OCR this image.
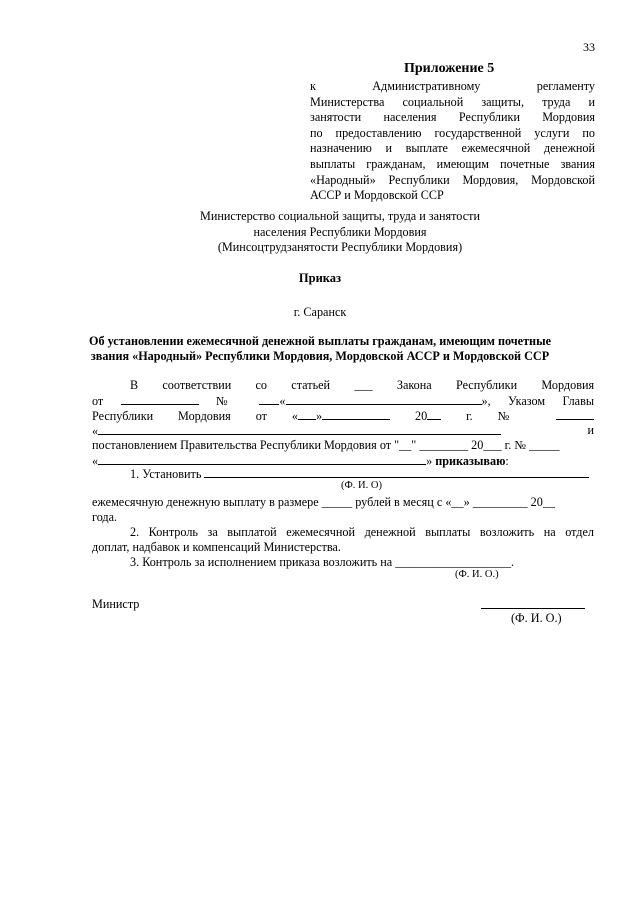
33
Приложение 5
к	Административному	регламенту
Министерства социальной защиты, труда и
занятости населения Республики Мордовия
по предоставлению государственной услуги по
назначению и выплате ежемесячной денежной
выплаты гражданам, имеющим почетные звания
«Народный» Республики Мордовия, Мордовской
АССР и Мордовской ССР
Министерство социальной защиты, труда и занятости
населения Республики Мордовия
(Минсоцтрудзанятости Республики Мордовия)
Приказ
г. Саранск
Об установлении ежемесячной денежной выплаты гражданам, имеющим почетные
звания «Народный» Республики Мордовия, Мордовской АССР и Мордовской ССР
В соответствии со статьей ___ Закона Республики Мордовия
от	№	«	», Указом Главы
Республики Мордовия от « »	20	г. №
«	и
постановлением Правительства Республики Мордовия от "__" ________ 20___ г. № _____
«	» приказываю:
1. Установить
(Ф. И. О)
ежемесячную денежную выплату в размере _____ рублей в месяц с «__» _________ 20__
года.
2. Контроль за выплатой ежемесячной денежной выплаты возложить на отдел
доплат, надбавок и компенсаций Министерства.
3. Контроль за исполнением приказа возложить на ___________________.
(Ф. И. О.)
Министр
(Ф. И. О.)
